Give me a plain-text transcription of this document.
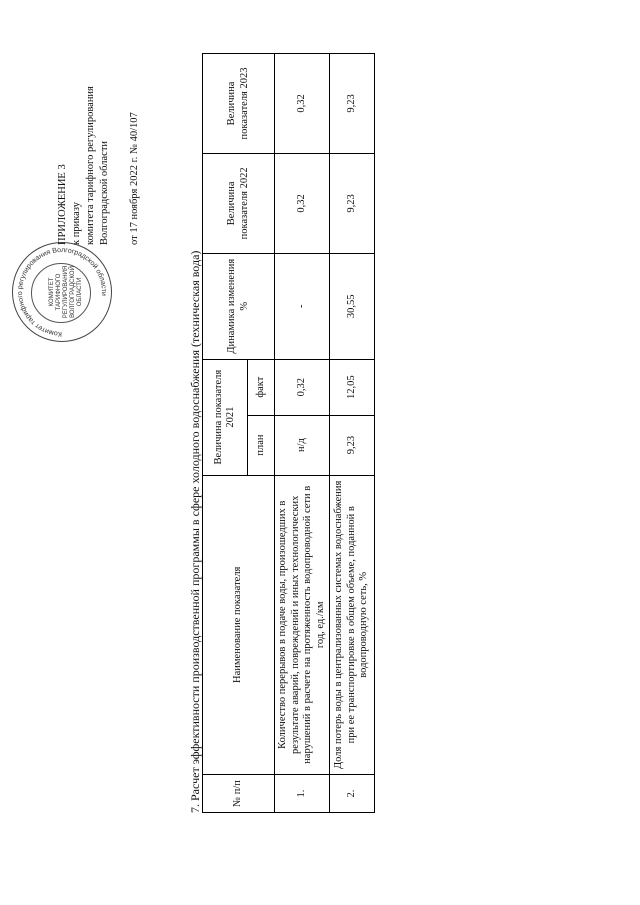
Комитет тарифного регулирования Волгоградской области
КОМИТЕТ ТАРИФНОГО РЕГУЛИРОВАНИЯ ВОЛГОГРАДСКОЙ ОБЛАСТИ
ПРИЛОЖЕНИЕ 3 к приказу комитета тарифного регулирования Волгоградской области от 17 ноября 2022 г. № 40/107
7. Расчет эффективности производственной программы в сфере холодного водоснабжения (техническая вода)	№ п/п	Наименование показателя	Величина показателя 2021		Динамика изменения %	Величина показателя 2022	Величина показателя 2023
		план	факт			
1.	Количество перерывов в подаче воды, произошедших в результате аварий, повреждений и иных технологических нарушений в расчете на протяженность водопроводной сети в год, ед./км	н/д	0,32	-	0,32	0,32
2.	Доля потерь воды в централизованных системах водоснабжения при ее транспортировке в общем объеме, поданной в водопроводную сеть, %	9,23	12,05	30,55	9,23	9,23
